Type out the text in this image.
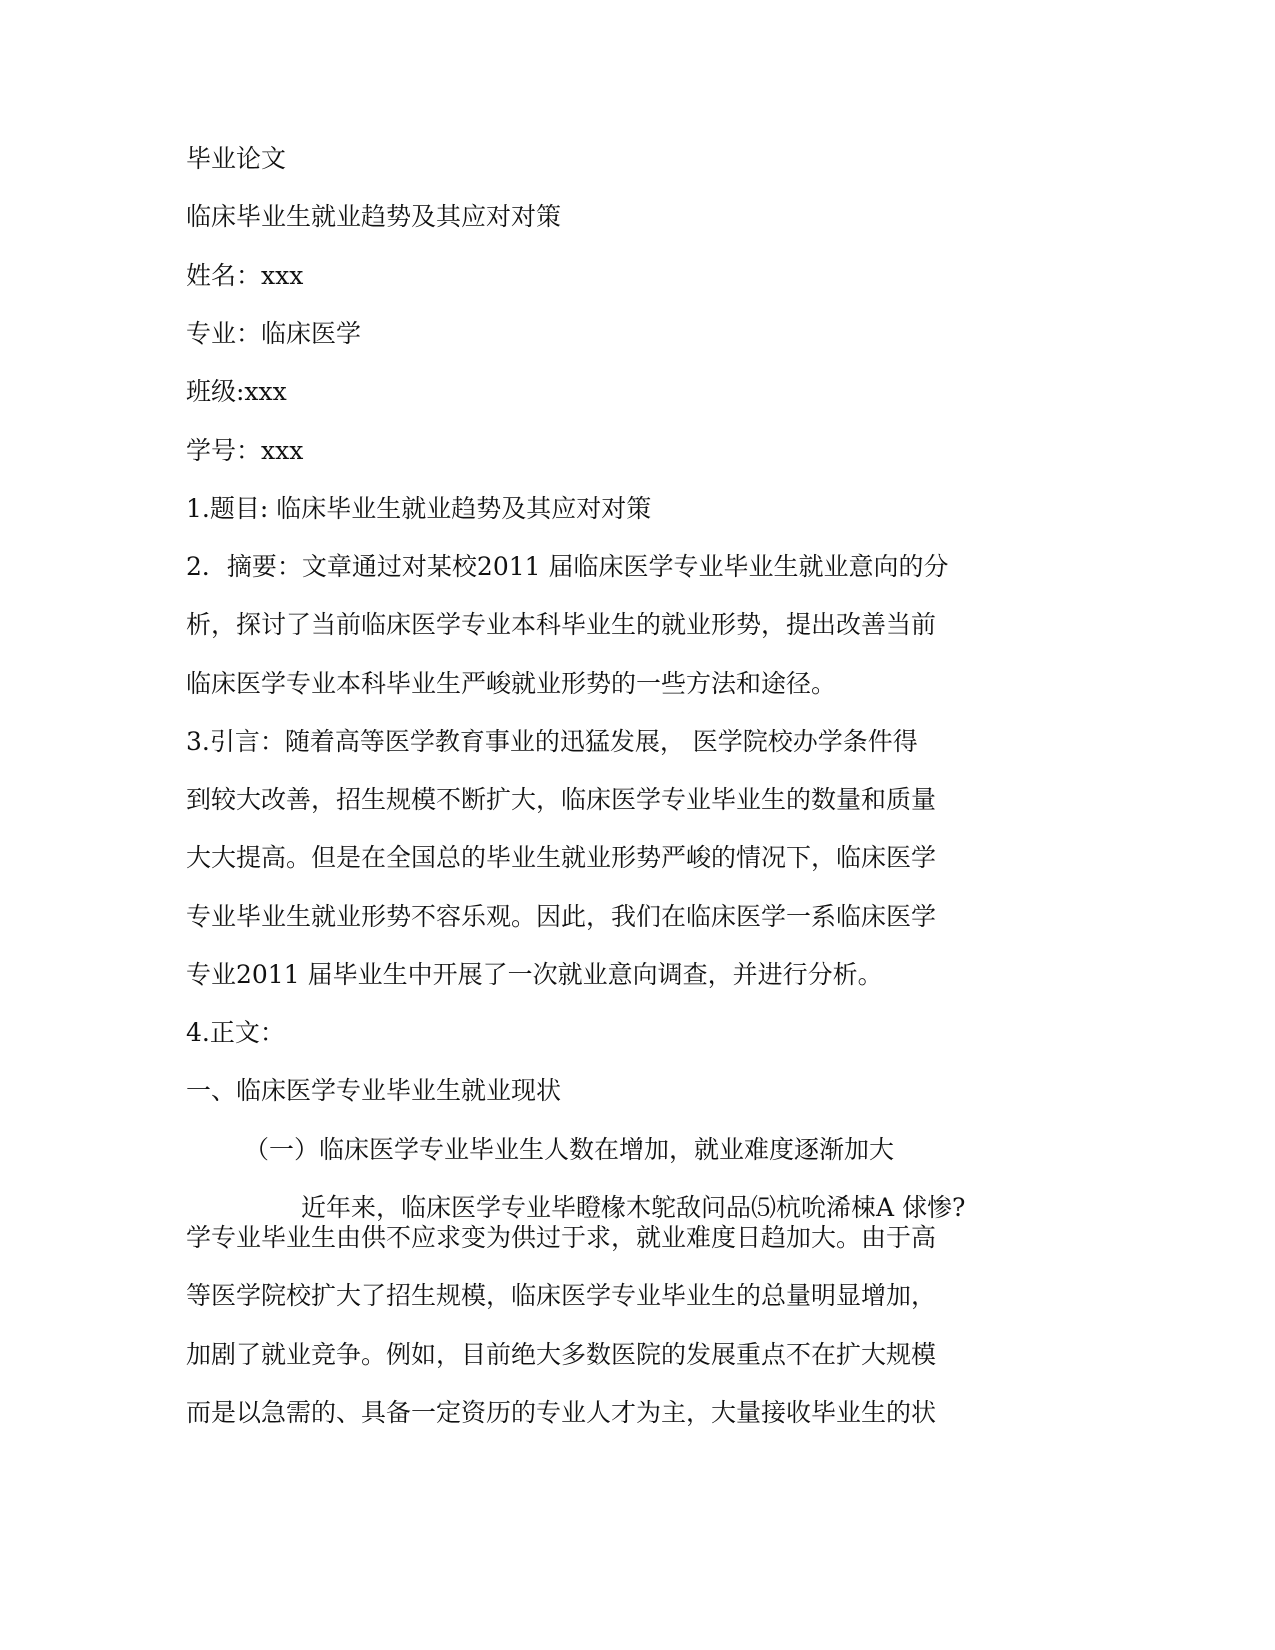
毕业论文

临床毕业生就业趋势及其应对对策

姓名：xxx

专业：临床医学

班级:xxx

学号：xxx

1.题目: 临床毕业生就业趋势及其应对对策

2．摘要：文章通过对某校2011 届临床医学专业毕业生就业意向的分

析，探讨了当前临床医学专业本科毕业生的就业形势，提出改善当前

临床医学专业本科毕业生严峻就业形势的一些方法和途径。

3.引言：随着高等医学教育事业的迅猛发展， 医学院校办学条件得

到较大改善，招生规模不断扩大，临床医学专业毕业生的数量和质量

大大提高。但是在全国总的毕业生就业形势严峻的情况下，临床医学

专业毕业生就业形势不容乐观。因此，我们在临床医学一系临床医学

专业2011 届毕业生中开展了一次就业意向调查，并进行分析。

4.正文：

一、临床医学专业毕业生就业现状

（一）临床医学专业毕业生人数在增加，就业难度逐渐加大

近年来，临床医学专业毕瞪椽木鸵敌问品⑸杭吮浠梀A 俅惨?

学专业毕业生由供不应求变为供过于求，就业难度日趋加大。由于高

等医学院校扩大了招生规模，临床医学专业毕业生的总量明显增加，

加剧了就业竞争。例如，目前绝大多数医院的发展重点不在扩大规模

而是以急需的、具备一定资历的专业人才为主，大量接收毕业生的状
